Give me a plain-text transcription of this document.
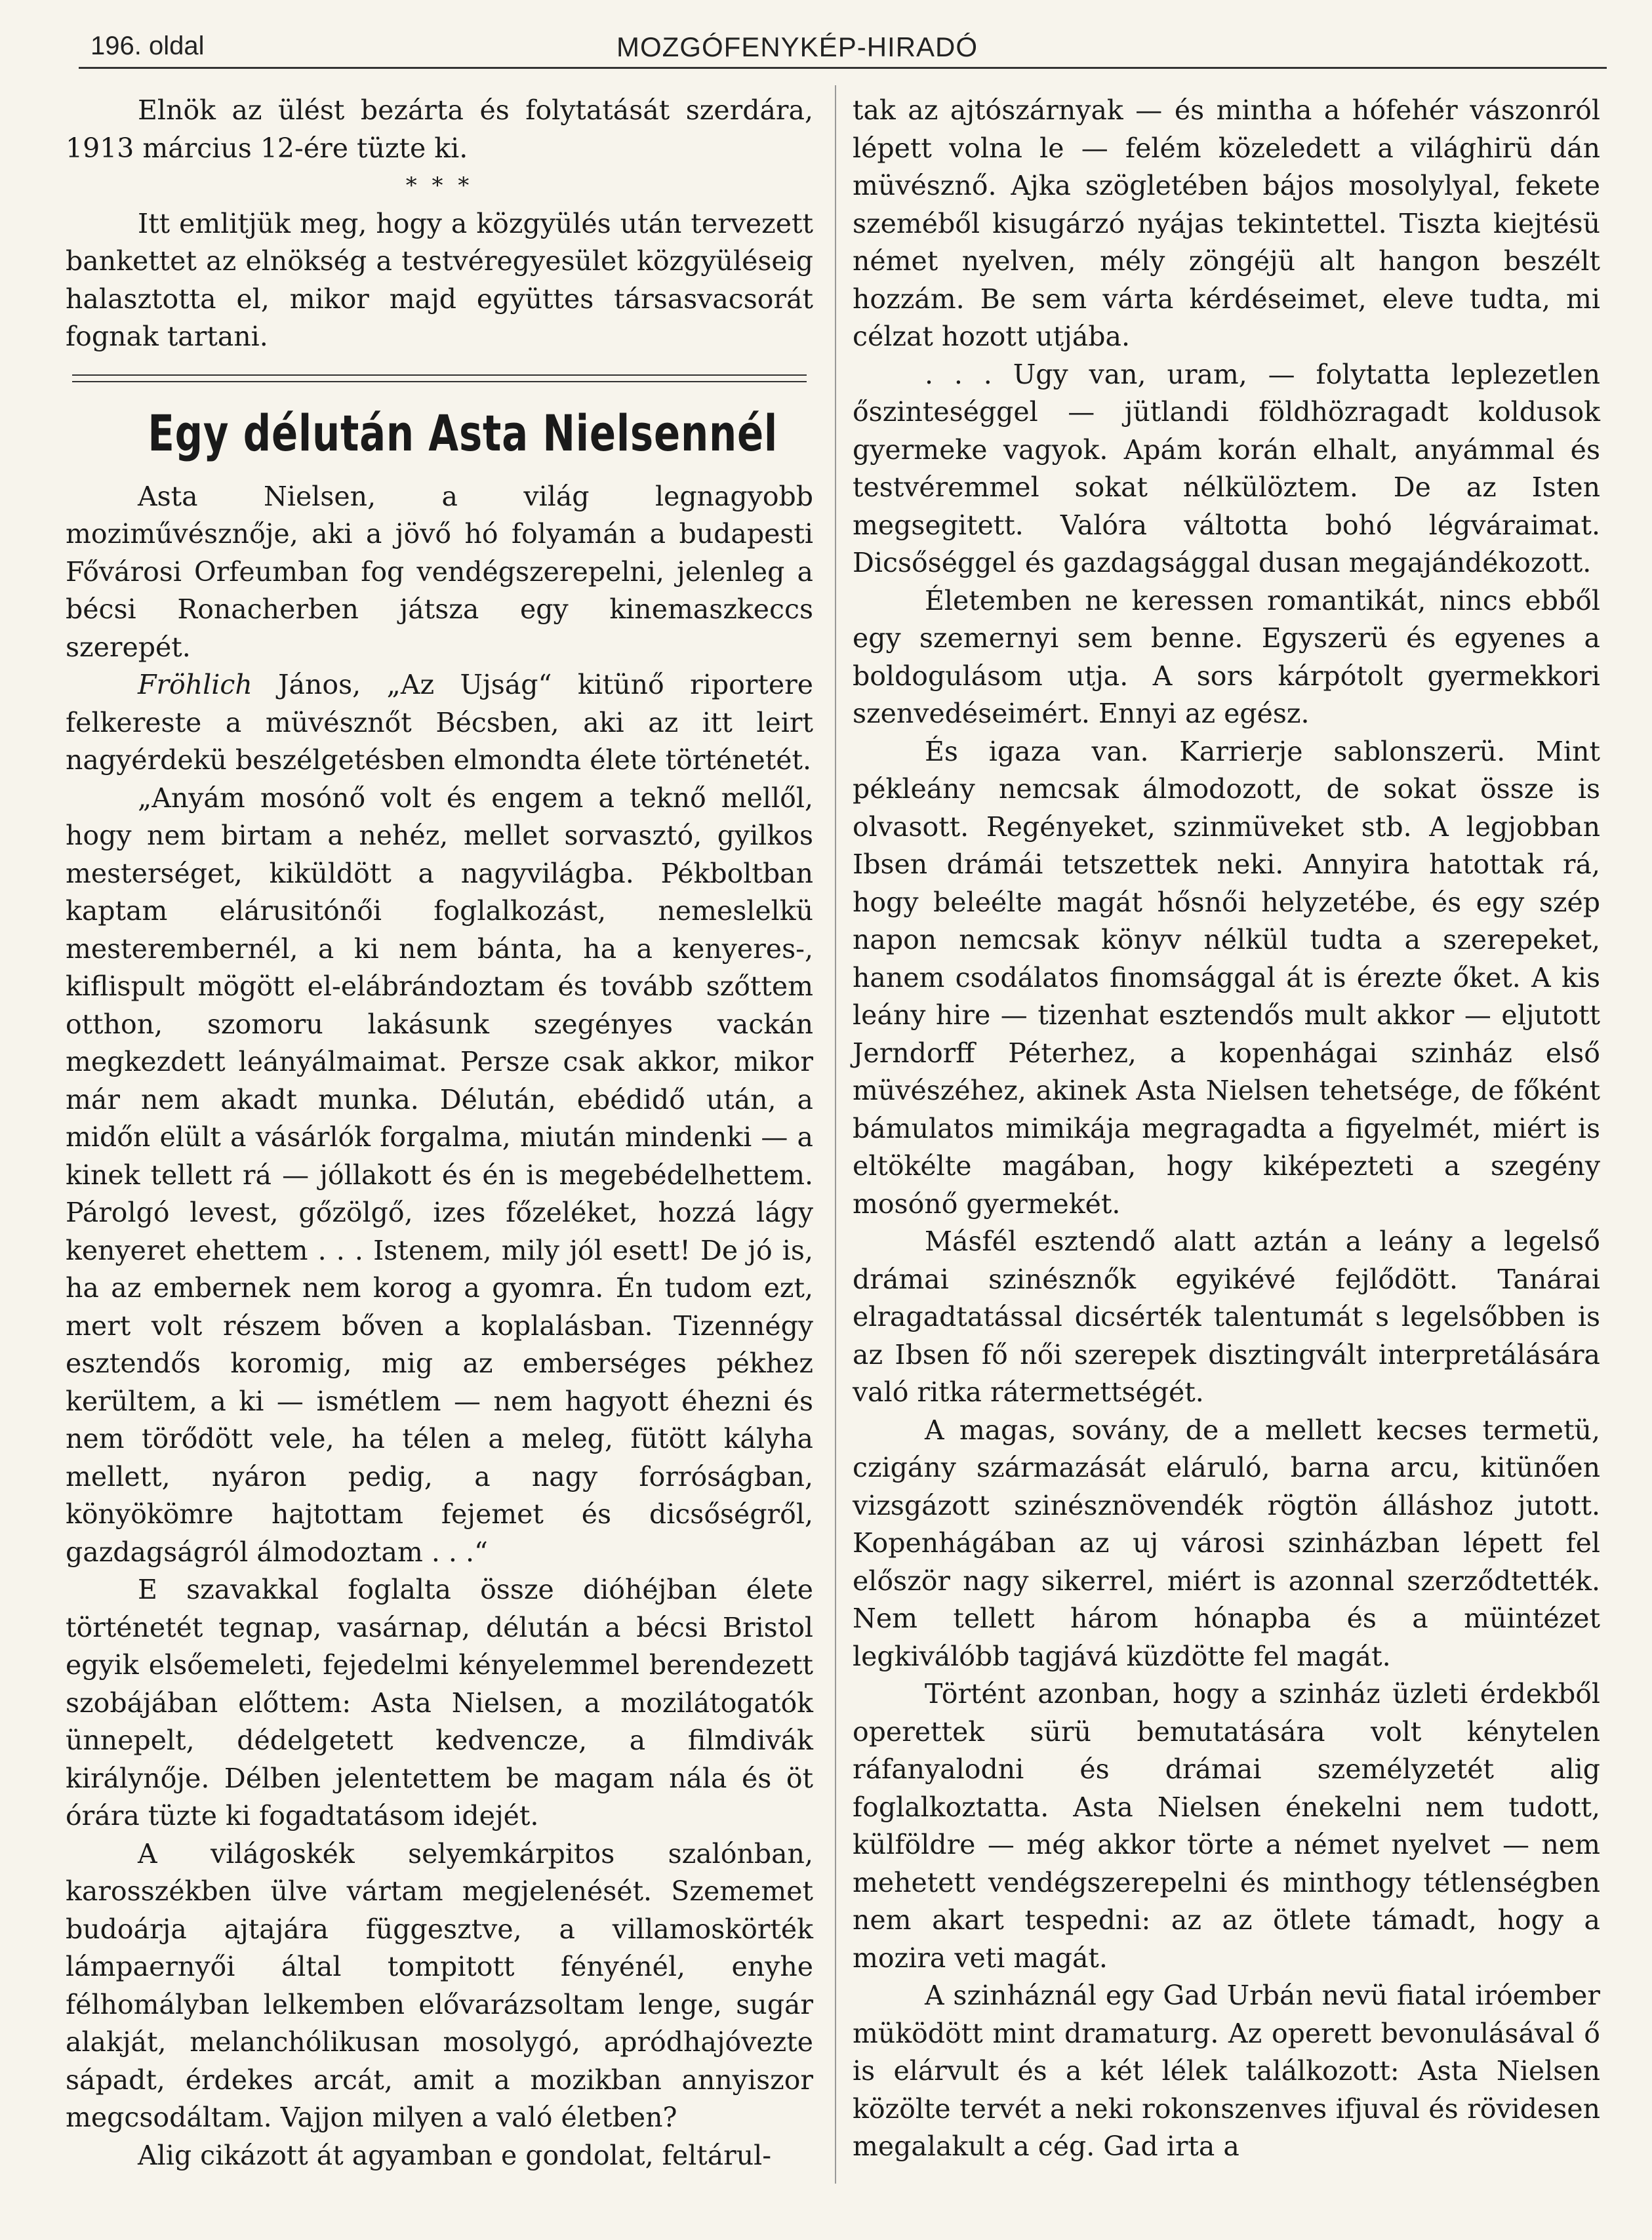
196. oldal	MOZGÓFENYKÉP-HIRADÓ

Elnök az ülést bezárta és folytatását szerdára, 1913 március 12-ére tüzte ki.

* * *

Itt emlitjük meg, hogy a közgyülés után tervezett bankettet az elnökség a testvéregyesület közgyüléseig halasztotta el, mikor majd együttes társasvacsorát fognak tartani.

Egy délután Asta Nielsennél

Asta Nielsen, a világ legnagyobb moziművésznője, aki a jövő hó folyamán a budapesti Fővárosi Orfeumban fog vendégszerepelni, jelenleg a bécsi Ronacherben játsza egy kinemaszkeccs szerepét.

Fröhlich János, „Az Ujság“ kitünő riportere felkereste a müvésznőt Bécsben, aki az itt leirt nagyérdekü beszélgetésben elmondta élete történetét.

„Anyám mosónő volt és engem a teknő mellől, hogy nem birtam a nehéz, mellet sorvasztó, gyilkos mesterséget, kiküldött a nagyvilágba. Pékboltban kaptam elárusitónői foglalkozást, nemeslelkü mesterembernél, a ki nem bánta, ha a kenyeres-, kiflispult mögött el-elábrándoztam és tovább szőttem otthon, szomoru lakásunk szegényes vackán megkezdett leányálmaimat. Persze csak akkor, mikor már nem akadt munka. Délután, ebédidő után, a midőn elült a vásárlók forgalma, miután mindenki — a kinek tellett rá — jóllakott és én is megebédelhettem. Párolgó levest, gőzölgő, izes főzeléket, hozzá lágy kenyeret ehettem . . . Istenem, mily jól esett! De jó is, ha az embernek nem korog a gyomra. Én tudom ezt, mert volt részem bőven a koplalásban. Tizennégy esztendős koromig, mig az emberséges pékhez kerültem, a ki — ismétlem — nem hagyott éhezni és nem törődött vele, ha télen a meleg, fütött kályha mellett, nyáron pedig, a nagy forróságban, könyökömre hajtottam fejemet és dicsőségről, gazdagságról álmodoztam . . .“

E szavakkal foglalta össze dióhéjban élete történetét tegnap, vasárnap, délután a bécsi Bristol egyik elsőemeleti, fejedelmi kényelemmel berendezett szobájában előttem: Asta Nielsen, a mozilátogatók ünnepelt, dédelgetett kedvencze, a filmdivák királynője. Délben jelentettem be magam nála és öt órára tüzte ki fogadtatásom idejét.

A világoskék selyemkárpitos szalónban, karosszékben ülve vártam megjelenését. Szememet budoárja ajtajára függesztve, a villamoskörték lámpaernyői által tompitott fényénél, enyhe félhomályban lelkemben elővarázsoltam lenge, sugár alakját, melanchólikusan mosolygó, apródhajóvezte sápadt, érdekes arcát, amit a mozikban annyiszor megcsodáltam. Vajjon milyen a való életben?

Alig cikázott át agyamban e gondolat, feltárul-

tak az ajtószárnyak — és mintha a hófehér vászonról lépett volna le — felém közeledett a világhirü dán müvésznő. Ajka szögletében bájos mosolylyal, fekete szeméből kisugárzó nyájas tekintettel. Tiszta kiejtésü német nyelven, mély zöngéjü alt hangon beszélt hozzám. Be sem várta kérdéseimet, eleve tudta, mi célzat hozott utjába.

. . . Ugy van, uram, — folytatta leplezetlen őszinteséggel — jütlandi földhözragadt koldusok gyermeke vagyok. Apám korán elhalt, anyámmal és testvéremmel sokat nélkülöztem. De az Isten megsegitett. Valóra váltotta bohó légváraimat. Dicsőséggel és gazdagsággal dusan megajándékozott.

Életemben ne keressen romantikát, nincs ebből egy szemernyi sem benne. Egyszerü és egyenes a boldogulásom utja. A sors kárpótolt gyermekkori szenvedéseimért. Ennyi az egész.

És igaza van. Karrierje sablonszerü. Mint pékleány nemcsak álmodozott, de sokat össze is olvasott. Regényeket, szinmüveket stb. A legjobban Ibsen drámái tetszettek neki. Annyira hatottak rá, hogy beleélte magát hősnői helyzetébe, és egy szép napon nemcsak könyv nélkül tudta a szerepeket, hanem csodálatos finomsággal át is érezte őket. A kis leány hire — tizenhat esztendős mult akkor — eljutott Jerndorff Péterhez, a kopenhágai szinház első müvészéhez, akinek Asta Nielsen tehetsége, de főként bámulatos mimikája megragadta a figyelmét, miért is eltökélte magában, hogy kiképezteti a szegény mosónő gyermekét.

Másfél esztendő alatt aztán a leány a legelső drámai szinésznők egyikévé fejlődött. Tanárai elragadtatással dicsérték talentumát s legelsőbben is az Ibsen fő női szerepek disztingvált interpretálására való ritka rátermettségét.

A magas, sovány, de a mellett kecses termetü, czigány származását eláruló, barna arcu, kitünően vizsgázott szinésznövendék rögtön álláshoz jutott. Kopenhágában az uj városi szinházban lépett fel először nagy sikerrel, miért is azonnal szerződtették. Nem tellett három hónapba és a müintézet legkiválóbb tagjává küzdötte fel magát.

Történt azonban, hogy a szinház üzleti érdekből operettek sürü bemutatására volt kénytelen ráfanyalodni és drámai személyzetét alig foglalkoztatta. Asta Nielsen énekelni nem tudott, külföldre — még akkor törte a német nyelvet — nem mehetett vendégszerepelni és minthogy tétlenségben nem akart tespedni: az az ötlete támadt, hogy a mozira veti magát.

A szinháznál egy Gad Urbán nevü fiatal iróember müködött mint dramaturg. Az operett bevonulásával ő is elárvult és a két lélek találkozott: Asta Nielsen közölte tervét a neki rokonszenves ifjuval és rövidesen megalakult a cég. Gad irta a
